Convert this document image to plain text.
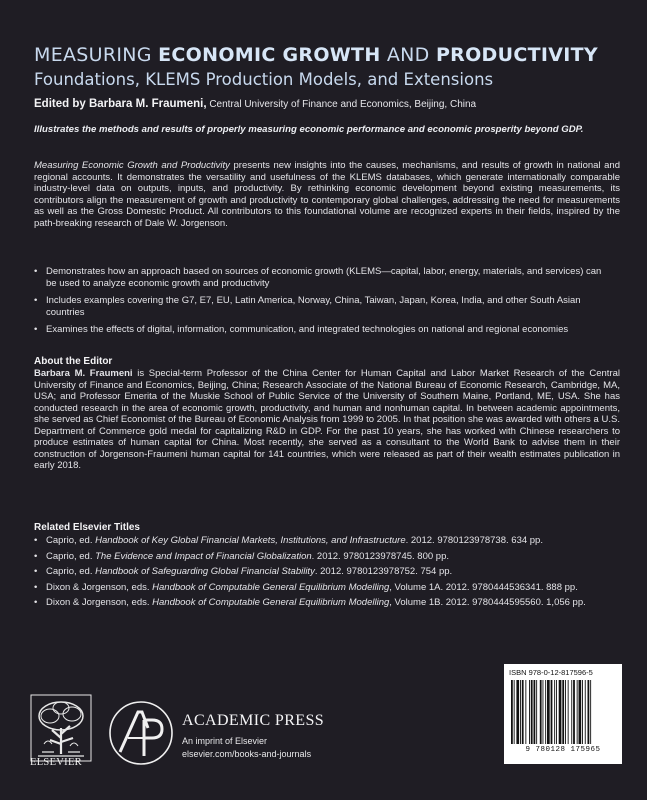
MEASURING ECONOMIC GROWTH AND PRODUCTIVITY
Foundations, KLEMS Production Models, and Extensions
Edited by Barbara M. Fraumeni, Central University of Finance and Economics, Beijing, China
Illustrates the methods and results of properly measuring economic performance and economic prosperity beyond GDP.
Measuring Economic Growth and Productivity presents new insights into the causes, mechanisms, and results of growth in national and regional accounts. It demonstrates the versatility and usefulness of the KLEMS databases, which generate internationally comparable industry-level data on outputs, inputs, and productivity. By rethinking economic development beyond existing measurements, its contributors align the measurement of growth and productivity to contemporary global challenges, addressing the need for measurements as well as the Gross Domestic Product. All contributors to this foundational volume are recognized experts in their fields, inspired by the path-breaking research of Dale W. Jorgenson.
• Demonstrates how an approach based on sources of economic growth (KLEMS—capital, labor, energy, materials, and services) can be used to analyze economic growth and productivity
• Includes examples covering the G7, E7, EU, Latin America, Norway, China, Taiwan, Japan, Korea, India, and other South Asian countries
• Examines the effects of digital, information, communication, and integrated technologies on national and regional economies
About the Editor
Barbara M. Fraumeni is Special-term Professor of the China Center for Human Capital and Labor Market Research of the Central University of Finance and Economics, Beijing, China; Research Associate of the National Bureau of Economic Research, Cambridge, MA, USA; and Professor Emerita of the Muskie School of Public Service of the University of Southern Maine, Portland, ME, USA. She has conducted research in the area of economic growth, productivity, and human and nonhuman capital. In between academic appointments, she served as Chief Economist of the Bureau of Economic Analysis from 1999 to 2005. In that position she was awarded with others a U.S. Department of Commerce gold medal for capitalizing R&D in GDP. For the past 10 years, she has worked with Chinese researchers to produce estimates of human capital for China. Most recently, she served as a consultant to the World Bank to advise them in their construction of Jorgenson-Fraumeni human capital for 141 countries, which were released as part of their wealth estimates publication in early 2018.
Related Elsevier Titles
• Caprio, ed. Handbook of Key Global Financial Markets, Institutions, and Infrastructure. 2012. 9780123978738. 634 pp.
• Caprio, ed. The Evidence and Impact of Financial Globalization. 2012. 9780123978745. 800 pp.
• Caprio, ed. Handbook of Safeguarding Global Financial Stability. 2012. 9780123978752. 754 pp.
• Dixon & Jorgenson, eds. Handbook of Computable General Equilibrium Modelling, Volume 1A. 2012. 9780444536341. 888 pp.
• Dixon & Jorgenson, eds. Handbook of Computable General Equilibrium Modelling, Volume 1B. 2012. 9780444595560. 1,056 pp.
ISBN 978-0-12-817596-5
9 780128 175965
ELSEVIER
ACADEMIC PRESS
An imprint of Elsevier
elsevier.com/books-and-journals
